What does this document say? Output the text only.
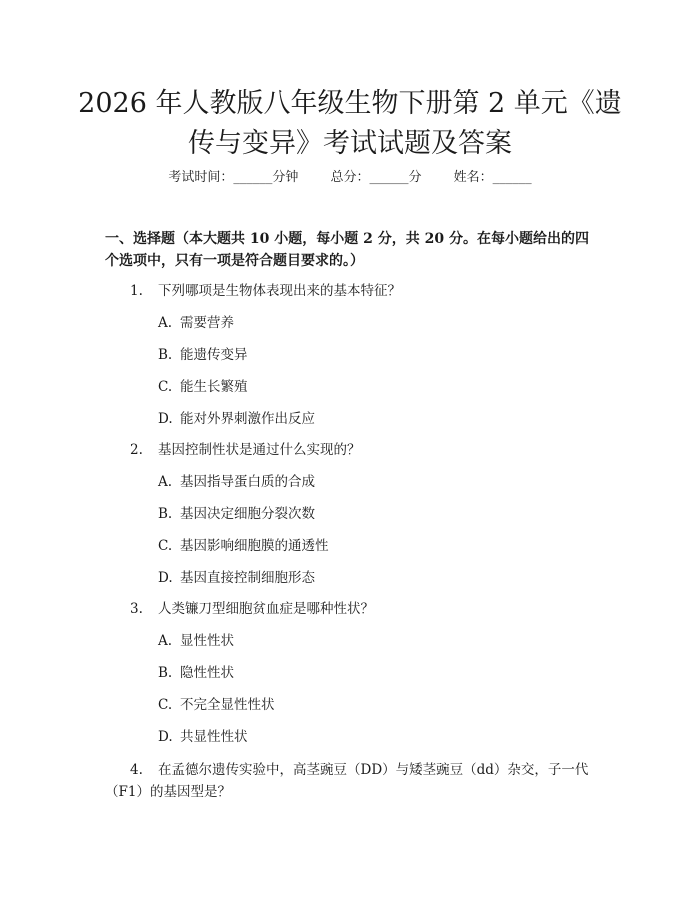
2026 年人教版八年级生物下册第 2 单元《遗
传与变异》考试试题及答案
考试时间：______分钟 总分：______分 姓名：______
一、选择题（本大题共 10 小题，每小题 2 分，共 20 分。在每小题给出的四个选项中，只有一项是符合题目要求的。）
1. 下列哪项是生物体表现出来的基本特征？
A. 需要营养
B. 能遗传变异
C. 能生长繁殖
D. 能对外界刺激作出反应
2. 基因控制性状是通过什么实现的？
A. 基因指导蛋白质的合成
B. 基因决定细胞分裂次数
C. 基因影响细胞膜的通透性
D. 基因直接控制细胞形态
3. 人类镰刀型细胞贫血症是哪种性状？
A. 显性性状
B. 隐性性状
C. 不完全显性性状
D. 共显性性状
4. 在孟德尔遗传实验中，高茎豌豆（DD）与矮茎豌豆（dd）杂交，子一代（F1）的基因型是？
